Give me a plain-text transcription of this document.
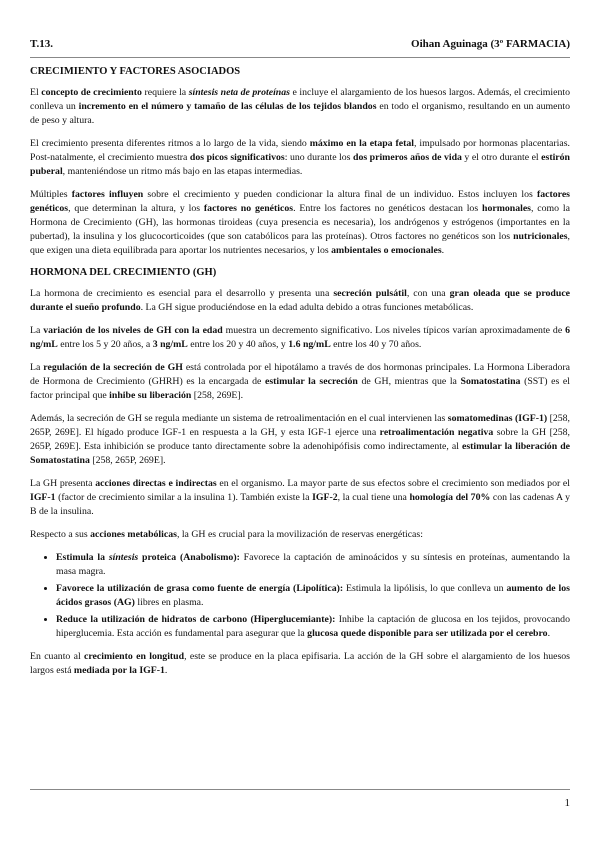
T.13.	Oihan Aguinaga (3º FARMACIA)
CRECIMIENTO Y FACTORES ASOCIADOS

El concepto de crecimiento requiere la síntesis neta de proteínas e incluye el alargamiento de los huesos largos. Además, el crecimiento conlleva un incremento en el número y tamaño de las células de los tejidos blandos en todo el organismo, resultando en un aumento de peso y altura.

El crecimiento presenta diferentes ritmos a lo largo de la vida, siendo máximo en la etapa fetal, impulsado por hormonas placentarias. Post-natalmente, el crecimiento muestra dos picos significativos: uno durante los dos primeros años de vida y el otro durante el estirón puberal, manteniéndose un ritmo más bajo en las etapas intermedias.

Múltiples factores influyen sobre el crecimiento y pueden condicionar la altura final de un individuo. Estos incluyen los factores genéticos, que determinan la altura, y los factores no genéticos. Entre los factores no genéticos destacan los hormonales, como la Hormona de Crecimiento (GH), las hormonas tiroideas (cuya presencia es necesaria), los andrógenos y estrógenos (importantes en la pubertad), la insulina y los glucocorticoides (que son catabólicos para las proteínas). Otros factores no genéticos son los nutricionales, que exigen una dieta equilibrada para aportar los nutrientes necesarios, y los ambientales o emocionales.

HORMONA DEL CRECIMIENTO (GH)

La hormona de crecimiento es esencial para el desarrollo y presenta una secreción pulsátil, con una gran oleada que se produce durante el sueño profundo. La GH sigue produciéndose en la edad adulta debido a otras funciones metabólicas.

La variación de los niveles de GH con la edad muestra un decremento significativo. Los niveles típicos varían aproximadamente de 6 ng/mL entre los 5 y 20 años, a 3 ng/mL entre los 20 y 40 años, y 1.6 ng/mL entre los 40 y 70 años.

La regulación de la secreción de GH está controlada por el hipotálamo a través de dos hormonas principales. La Hormona Liberadora de Hormona de Crecimiento (GHRH) es la encargada de estimular la secreción de GH, mientras que la Somatostatina (SST) es el factor principal que inhibe su liberación [258, 269E].

Además, la secreción de GH se regula mediante un sistema de retroalimentación en el cual intervienen las somatomedinas (IGF-1) [258, 265P, 269E]. El hígado produce IGF-1 en respuesta a la GH, y esta IGF-1 ejerce una retroalimentación negativa sobre la GH [258, 265P, 269E]. Esta inhibición se produce tanto directamente sobre la adenohipófisis como indirectamente, al estimular la liberación de Somatostatina [258, 265P, 269E].

La GH presenta acciones directas e indirectas en el organismo. La mayor parte de sus efectos sobre el crecimiento son mediados por el IGF-1 (factor de crecimiento similar a la insulina 1). También existe la IGF-2, la cual tiene una homología del 70% con las cadenas A y B de la insulina.

Respecto a sus acciones metabólicas, la GH es crucial para la movilización de reservas energéticas:

• Estimula la síntesis proteica (Anabolismo): Favorece la captación de aminoácidos y su síntesis en proteínas, aumentando la masa magra.
• Favorece la utilización de grasa como fuente de energía (Lipolítica): Estimula la lipólisis, lo que conlleva un aumento de los ácidos grasos (AG) libres en plasma.
• Reduce la utilización de hidratos de carbono (Hiperglucemiante): Inhibe la captación de glucosa en los tejidos, provocando hiperglucemia. Esta acción es fundamental para asegurar que la glucosa quede disponible para ser utilizada por el cerebro.

En cuanto al crecimiento en longitud, este se produce en la placa epifisaria. La acción de la GH sobre el alargamiento de los huesos largos está mediada por la IGF-1.

1
